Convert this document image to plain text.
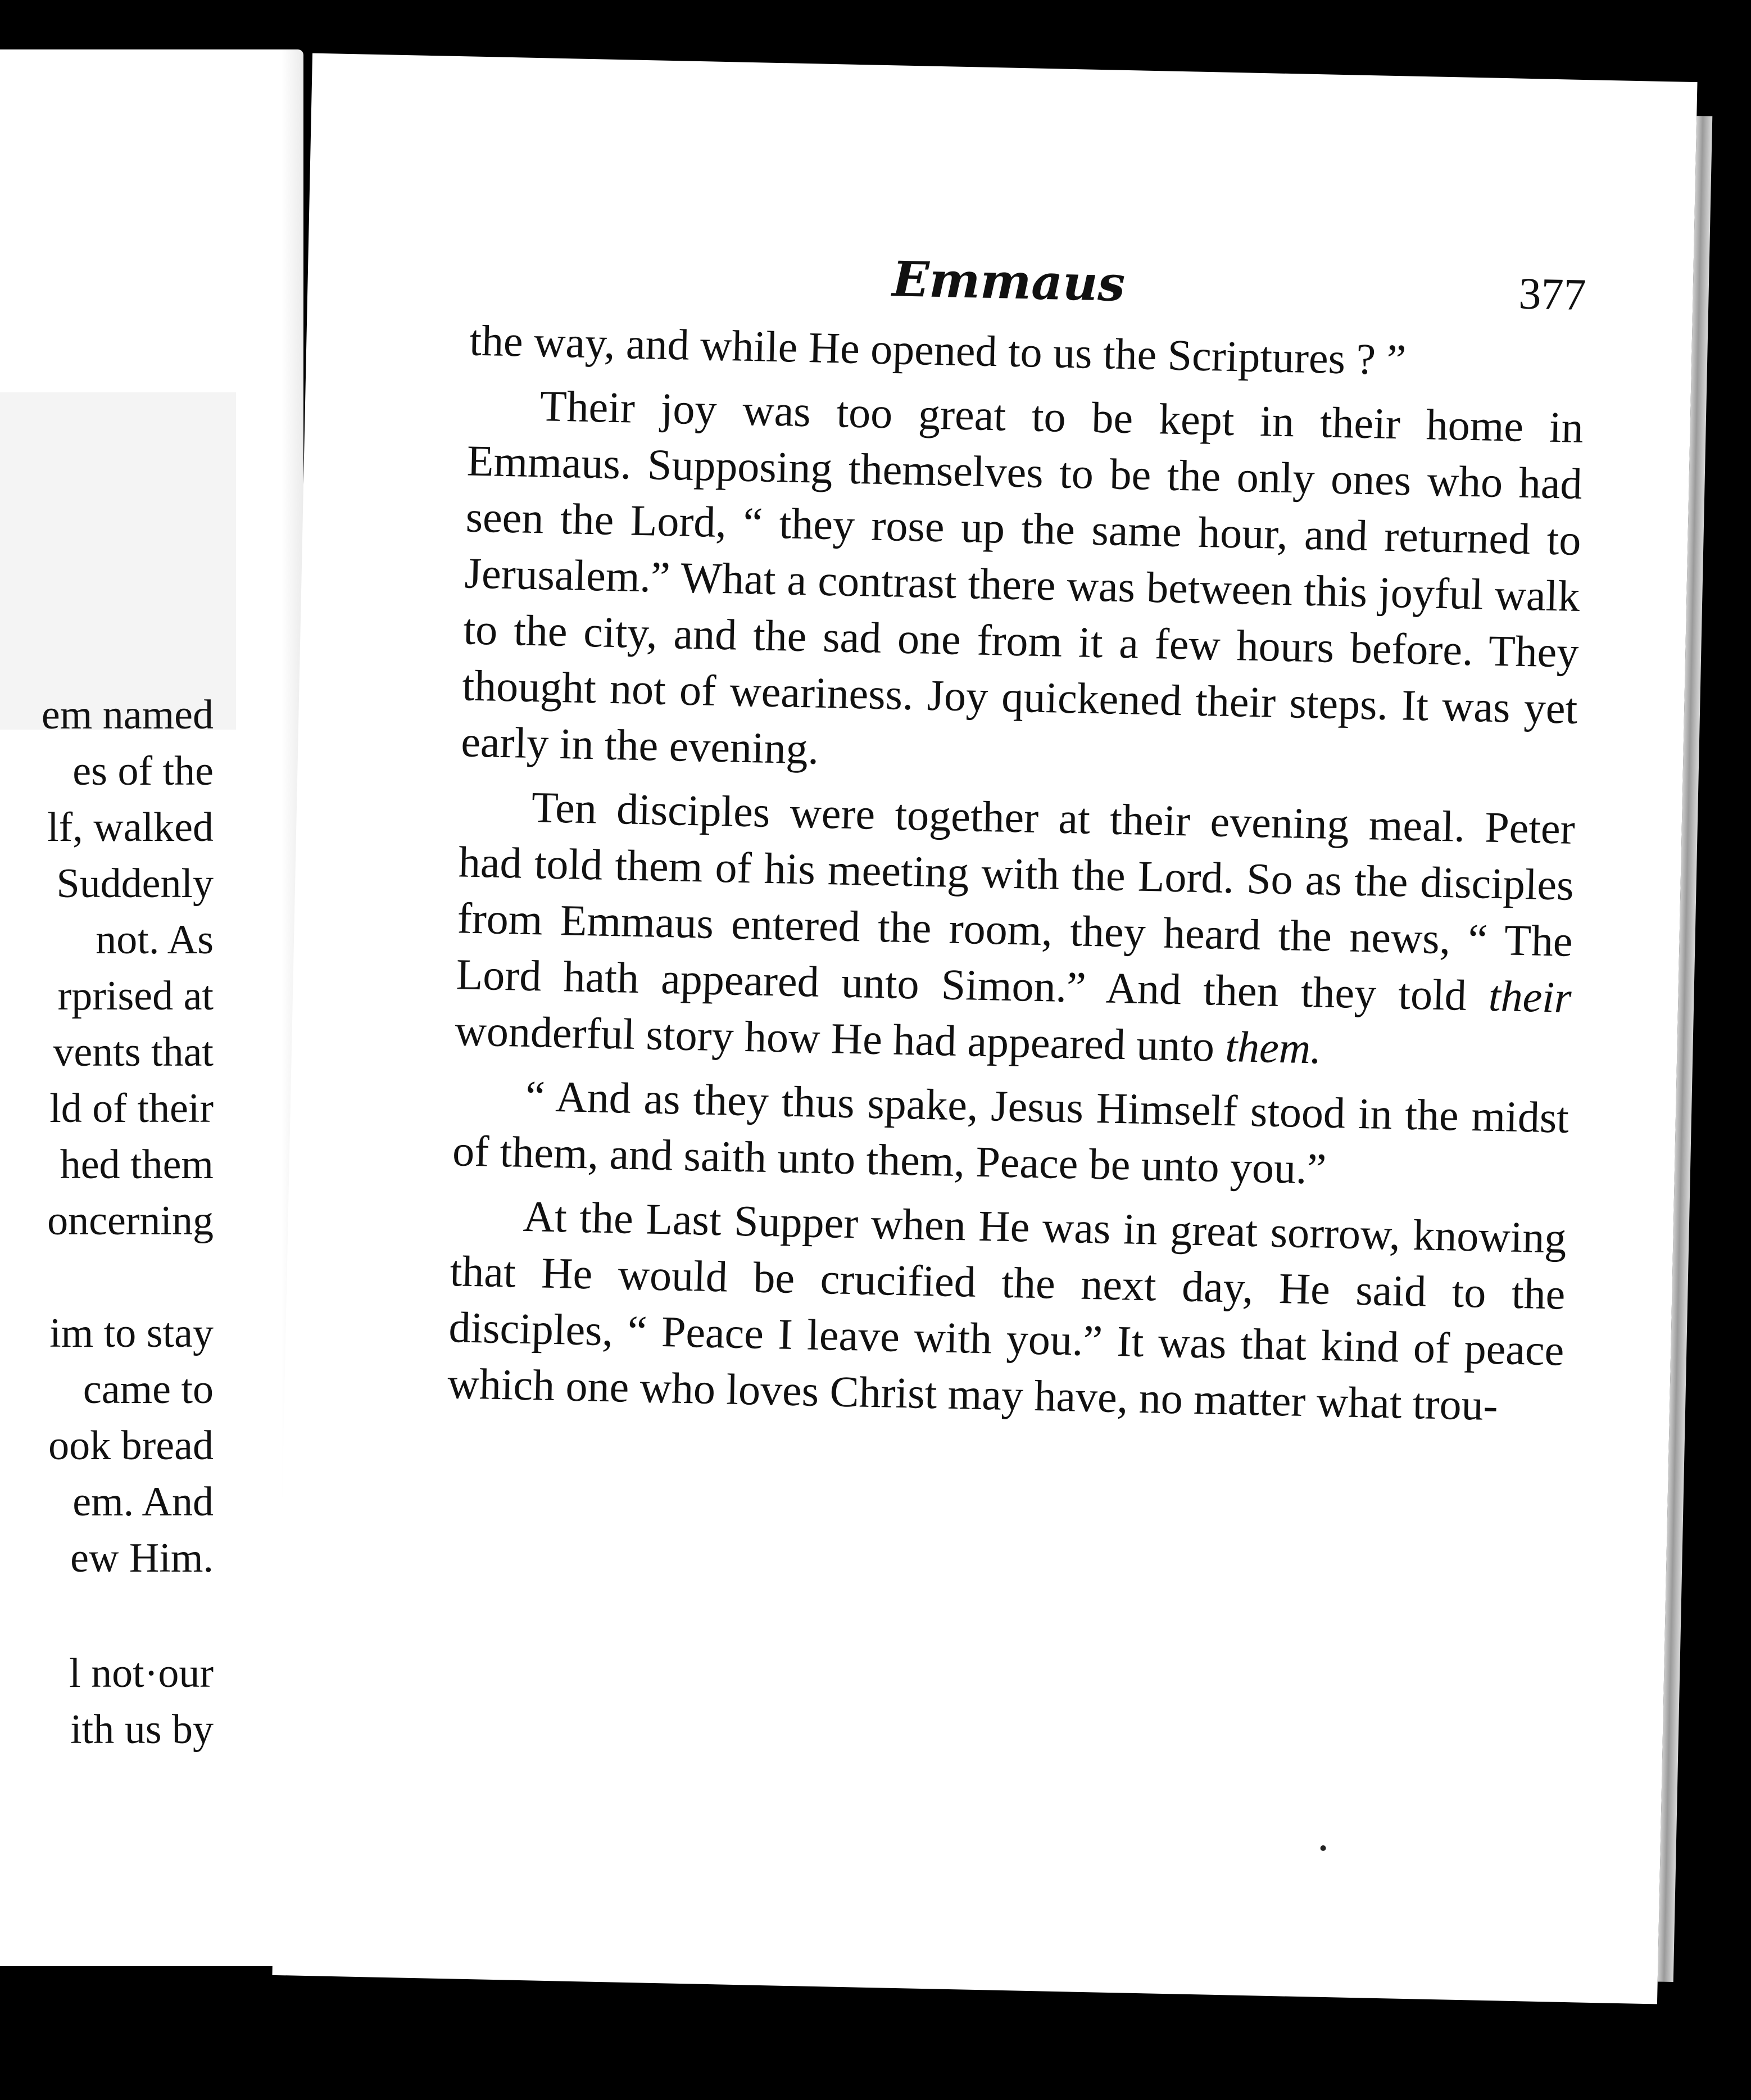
em named
es of the
lf, walked
Suddenly
not. As
rprised at
vents that
ld of their
hed them
oncerning
im to stay
came to
ook bread
em. And
ew Him.
l not·our
ith us by
Emmaus	377

the way, and while He opened to us the Scriptures ? ”

Their joy was too great to be kept in their home in Emmaus. Supposing themselves to be the only ones who had seen the Lord, “ they rose up the same hour, and returned to Jerusalem.” What a contrast there was between this joyful walk to the city, and the sad one from it a few hours before. They thought not of weariness. Joy quickened their steps. It was yet early in the evening.

Ten disciples were together at their evening meal. Peter had told them of his meeting with the Lord. So as the disciples from Emmaus entered the room, they heard the news, “ The Lord hath appeared unto Simon.” And then they told their wonderful story how He had appeared unto them.

“ And as they thus spake, Jesus Himself stood in the midst of them, and saith unto them, Peace be unto you.”

At the Last Supper when He was in great sorrow, knowing that He would be crucified the next day, He said to the disciples, “ Peace I leave with you.” It was that kind of peace which one who loves Christ may have, no matter what trou-
